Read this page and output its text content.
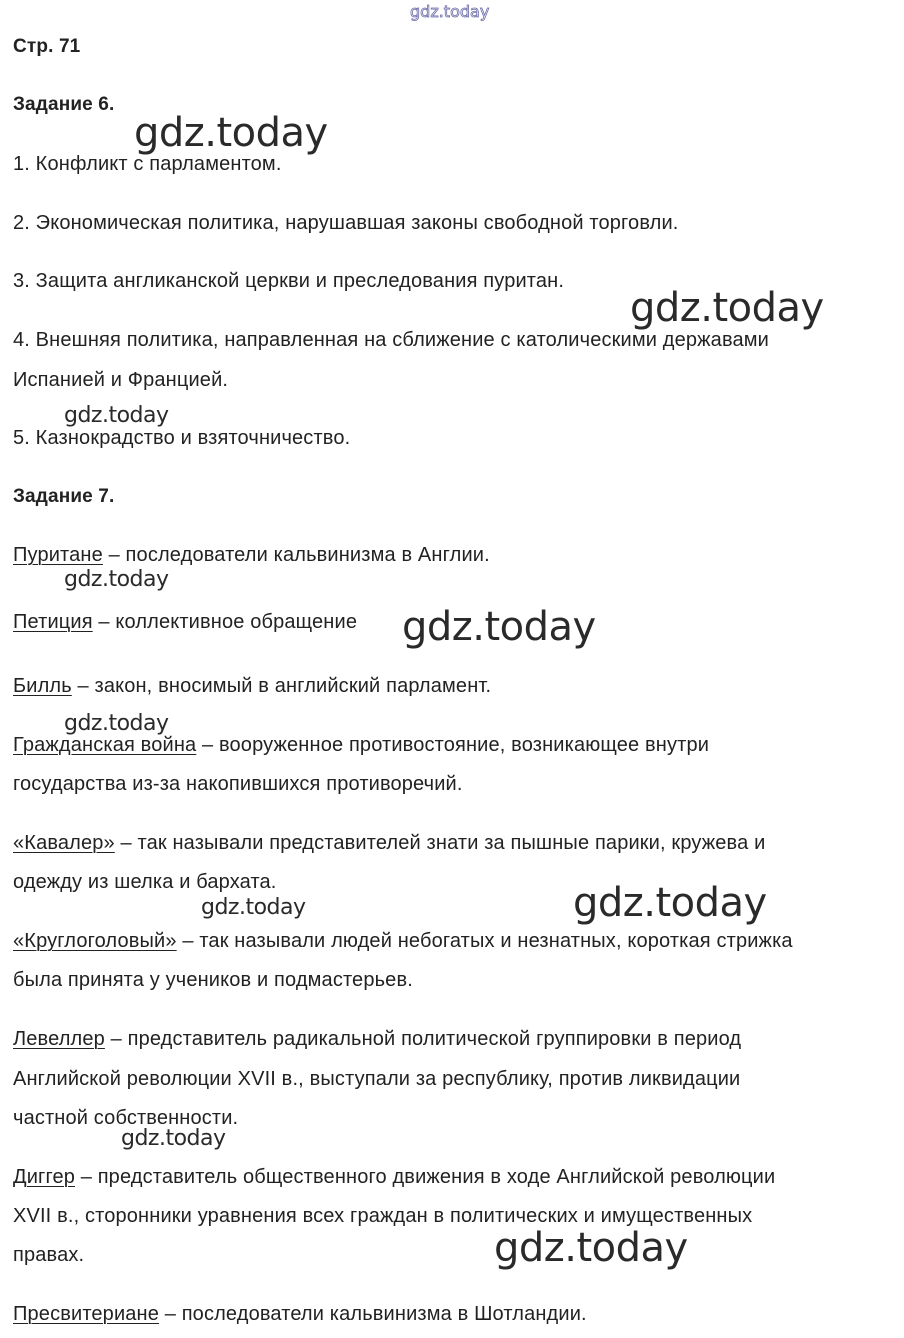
Стр. 71
Задание 6.
1. Конфликт с парламентом.
2. Экономическая политика, нарушавшая законы свободной торговли.
3. Защита англиканской церкви и преследования пуритан.
4. Внешняя политика, направленная на сближение с католическими державами
Испанией и Францией.
5. Казнокрадство и взяточничество.
Задание 7.
Пуритане – последователи кальвинизма в Англии.
Петиция – коллективное обращение
Билль – закон, вносимый в английский парламент.
Гражданская война – вооруженное противостояние, возникающее внутри
государства из-за накопившихся противоречий.
«Кавалер» – так называли представителей знати за пышные парики, кружева и
одежду из шелка и бархата.
«Круглоголовый» – так называли людей небогатых и незнатных, короткая стрижка
была принята у учеников и подмастерьев.
Левеллер – представитель радикальной политической группировки в период
Английской революции XVII в., выступали за республику, против ликвидации
частной собственности.
Диггер – представитель общественного движения в ходе Английской революции
XVII в., сторонники уравнения всех граждан в политических и имущественных
правах.
Пресвитериане – последователи кальвинизма в Шотландии.
gdz.today
gdz.today
gdz.today
gdz.today
gdz.today
gdz.today
gdz.today
gdz.today	gdz.today
gdz.today
gdz.today
